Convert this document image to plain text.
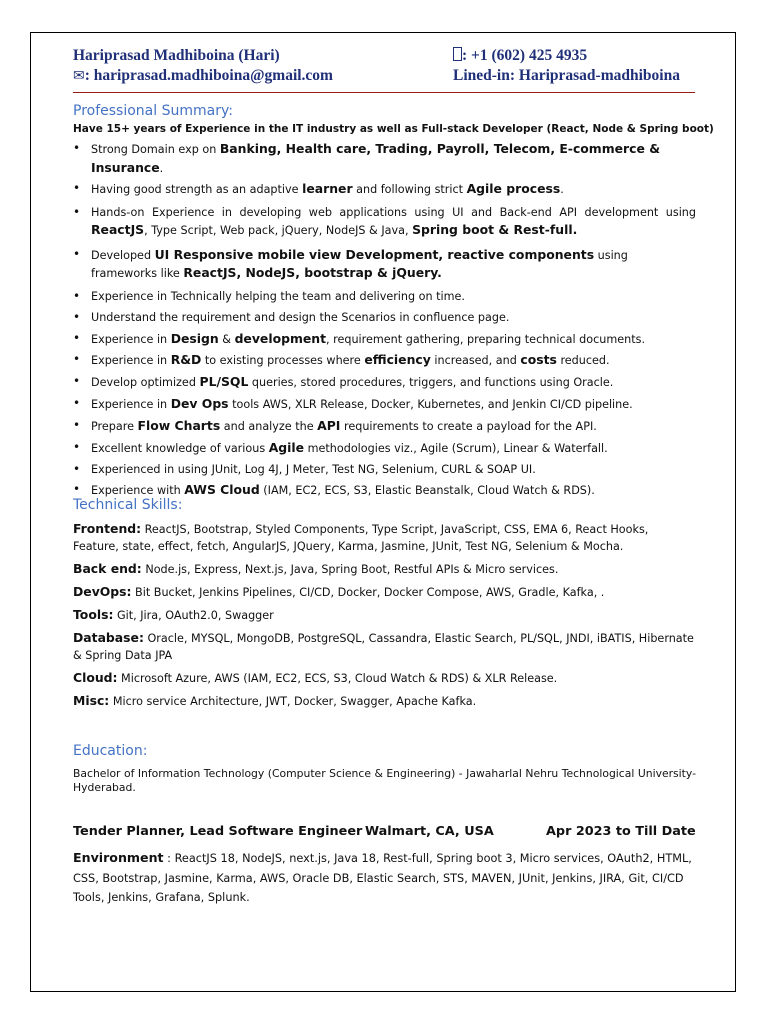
Hariprasad Madhiboina (Hari)	: +1 (602) 425 4935
✉: hariprasad.madhiboina@gmail.com	Lined-in: Hariprasad-madhiboina
Professional Summary:
Have 15+ years of Experience in the IT industry as well as Full-stack Developer (React, Node & Spring boot)
• Strong Domain exp on Banking, Health care, Trading, Payroll, Telecom, E-commerce & Insurance.
• Having good strength as an adaptive learner and following strict Agile process.
• Hands-on Experience in developing web applications using UI and Back-end API development using ReactJS, Type Script, Web pack, jQuery, NodeJS & Java, Spring boot & Rest-full.
• Developed UI Responsive mobile view Development, reactive components using frameworks like ReactJS, NodeJS, bootstrap & jQuery.
• Experience in Technically helping the team and delivering on time.
• Understand the requirement and design the Scenarios in confluence page.
• Experience in Design & development, requirement gathering, preparing technical documents.
• Experience in R&D to existing processes where efficiency increased, and costs reduced.
• Develop optimized PL/SQL queries, stored procedures, triggers, and functions using Oracle.
• Experience in Dev Ops tools AWS, XLR Release, Docker, Kubernetes, and Jenkin CI/CD pipeline.
• Prepare Flow Charts and analyze the API requirements to create a payload for the API.
• Excellent knowledge of various Agile methodologies viz., Agile (Scrum), Linear & Waterfall.
• Experienced in using JUnit, Log 4J, J Meter, Test NG, Selenium, CURL & SOAP UI.
• Experience with AWS Cloud (IAM, EC2, ECS, S3, Elastic Beanstalk, Cloud Watch & RDS).
Technical Skills:
Frontend: ReactJS, Bootstrap, Styled Components, Type Script, JavaScript, CSS, EMA 6, React Hooks, Feature, state, effect, fetch, AngularJS, JQuery, Karma, Jasmine, JUnit, Test NG, Selenium & Mocha.
Back end: Node.js, Express, Next.js, Java, Spring Boot, Restful APIs & Micro services.
DevOps: Bit Bucket, Jenkins Pipelines, CI/CD, Docker, Docker Compose, AWS, Gradle, Kafka, .
Tools: Git, Jira, OAuth2.0, Swagger
Database: Oracle, MYSQL, MongoDB, PostgreSQL, Cassandra, Elastic Search, PL/SQL, JNDI, iBATIS, Hibernate & Spring Data JPA
Cloud: Microsoft Azure, AWS (IAM, EC2, ECS, S3, Cloud Watch & RDS) & XLR Release.
Misc: Micro service Architecture, JWT, Docker, Swagger, Apache Kafka.
Education:
Bachelor of Information Technology (Computer Science & Engineering) - Jawaharlal Nehru Technological University- Hyderabad.
Tender Planner, Lead Software Engineer Walmart, CA, USA	Apr 2023 to Till Date
Environment : ReactJS 18, NodeJS, next.js, Java 18, Rest-full, Spring boot 3, Micro services, OAuth2, HTML, CSS, Bootstrap, Jasmine, Karma, AWS, Oracle DB, Elastic Search, STS, MAVEN, JUnit, Jenkins, JIRA, Git, CI/CD Tools, Jenkins, Grafana, Splunk.
